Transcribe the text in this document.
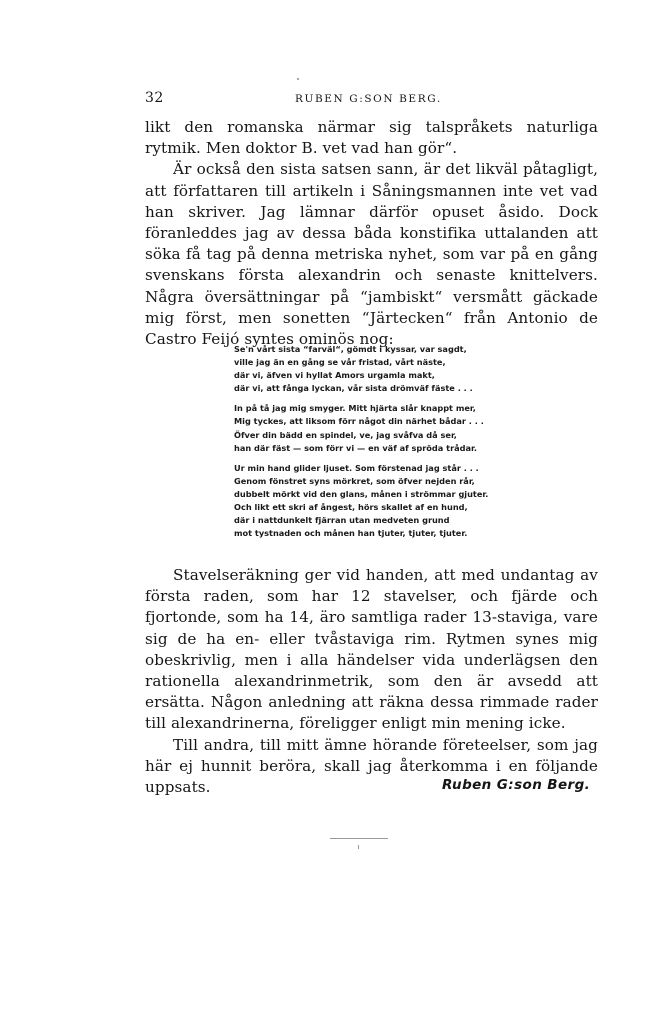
32	RUBEN G:SON BERG.

likt den romanska närmar sig talspråkets naturliga rytmik. Men doktor B. vet vad han gör“.

Är också den sista satsen sann, är det likväl påtagligt, att författaren till artikeln i Såningsmannen inte vet vad han skriver. Jag lämnar därför opuset åsido. Dock föranleddes jag av dessa båda konstifika uttalanden att söka få tag på denna metriska nyhet, som var på en gång svenskans första alexandrin och senaste knittelvers. Några översättningar på “jambiskt“ versmått gäckade mig först, men sonetten “Järtecken“ från Antonio de Castro Feijó syntes ominös nog:

Se'n vårt sista “farväl“, gömdt i kyssar, var sagdt,
ville jag än en gång se vår fristad, vårt näste,
där vi, äfven vi hyllat Amors urgamla makt,
där vi, att fånga lyckan, vår sista drömväf fäste . . .
In på tå jag mig smyger. Mitt hjärta slår knappt mer,
Mig tyckes, att liksom förr något din närhet bådar . . .
Öfver din bädd en spindel, ve, jag svåfva då ser,
han där fäst — som förr vi — en väf af spröda trådar.
Ur min hand glider ljuset. Som förstenad jag står . . .
Genom fönstret syns mörkret, som öfver nejden rår,
dubbelt mörkt vid den glans, månen i strömmar gjuter.
Och likt ett skri af ångest, hörs skallet af en hund,
där i nattdunkelt fjärran utan medveten grund
mot tystnaden och månen han tjuter, tjuter, tjuter.

Stavelseräkning ger vid handen, att med undantag av första raden, som har 12 stavelser, och fjärde och fjortonde, som ha 14, äro samtliga rader 13-staviga, vare sig de ha en- eller tvåstaviga rim. Rytmen synes mig obeskrivlig, men i alla händelser vida underlägsen den rationella alexandrinmetrik, som den är avsedd att ersätta. Någon anledning att räkna dessa rimmade rader till alexandrinerna, föreligger enligt min mening icke.

Till andra, till mitt ämne hörande företeelser, som jag här ej hunnit beröra, skall jag återkomma i en följande uppsats.	Ruben G:son Berg.
